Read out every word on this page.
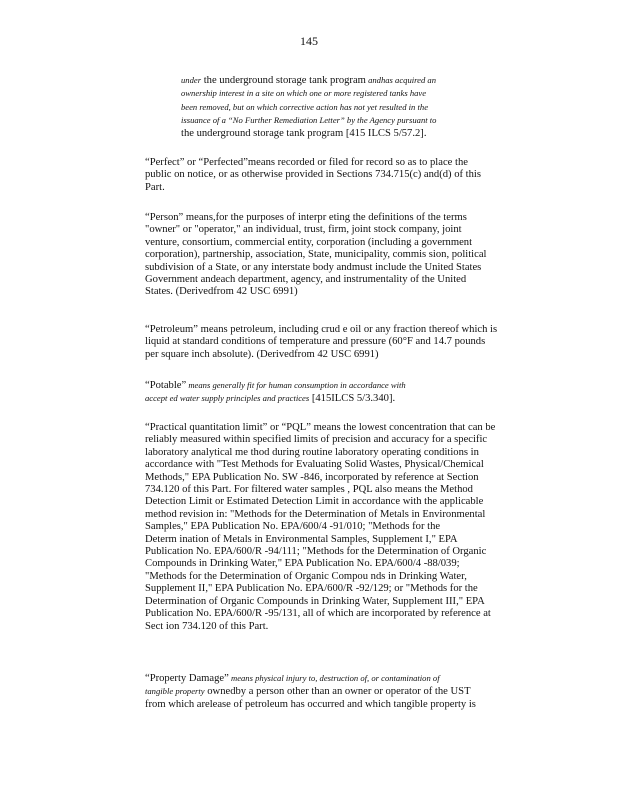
145

under the underground storage tank program andhas acquired an
ownership interest in a site on which one or more registered tanks have
been removed, but on which corrective action has not yet resulted in the
issuance of a “No Further Remediation Letter” by the Agency pursuant to
the underground storage tank program [415 ILCS 5/57.2].

“Perfect” or “Perfected”means recorded or filed for record so as to place the
public on notice, or as otherwise provided in Sections 734.715(c) and(d) of this
Part.

“Person” means,for the purposes of interpr eting the definitions of the terms
"owner" or "operator," an individual, trust, firm, joint stock company, joint
venture, consortium, commercial entity, corporation (including a government
corporation), partnership, association, State, municipality, commis sion, political
subdivision of a State, or any interstate body andmust include the United States
Government andeach department, agency, and instrumentality of the United
States. (Derivedfrom 42 USC 6991)

“Petroleum” means petroleum, including crud e oil or any fraction thereof which is
liquid at standard conditions of temperature and pressure (60°F and 14.7 pounds
per square inch absolute). (Derivedfrom 42 USC 6991)

“Potable” means generally fit for human consumption in accordance with
accept ed water supply principles and practices [415ILCS 5/3.340].

“Practical quantitation limit” or “PQL” means the lowest concentration that can be
reliably measured within specified limits of precision and accuracy for a specific
laboratory analytical me thod during routine laboratory operating conditions in
accordance with "Test Methods for Evaluating Solid Wastes, Physical/Chemical
Methods," EPA Publication No. SW -846, incorporated by reference at Section
734.120 of this Part. For filtered water samples , PQL also means the Method
Detection Limit or Estimated Detection Limit in accordance with the applicable
method revision in: "Methods for the Determination of Metals in Environmental
Samples," EPA Publication No. EPA/600/4 -91/010; "Methods for the
Determ ination of Metals in Environmental Samples, Supplement I," EPA
Publication No. EPA/600/R -94/111; "Methods for the Determination of Organic
Compounds in Drinking Water," EPA Publication No. EPA/600/4 -88/039;
"Methods for the Determination of Organic Compou nds in Drinking Water,
Supplement II," EPA Publication No. EPA/600/R -92/129; or "Methods for the
Determination of Organic Compounds in Drinking Water, Supplement III," EPA
Publication No. EPA/600/R -95/131, all of which are incorporated by reference at
Sect ion 734.120 of this Part.

“Property Damage” means physical injury to, destruction of, or contamination of
tangible property ownedby a person other than an owner or operator of the UST
from which arelease of petroleum has occurred and which tangible property is
